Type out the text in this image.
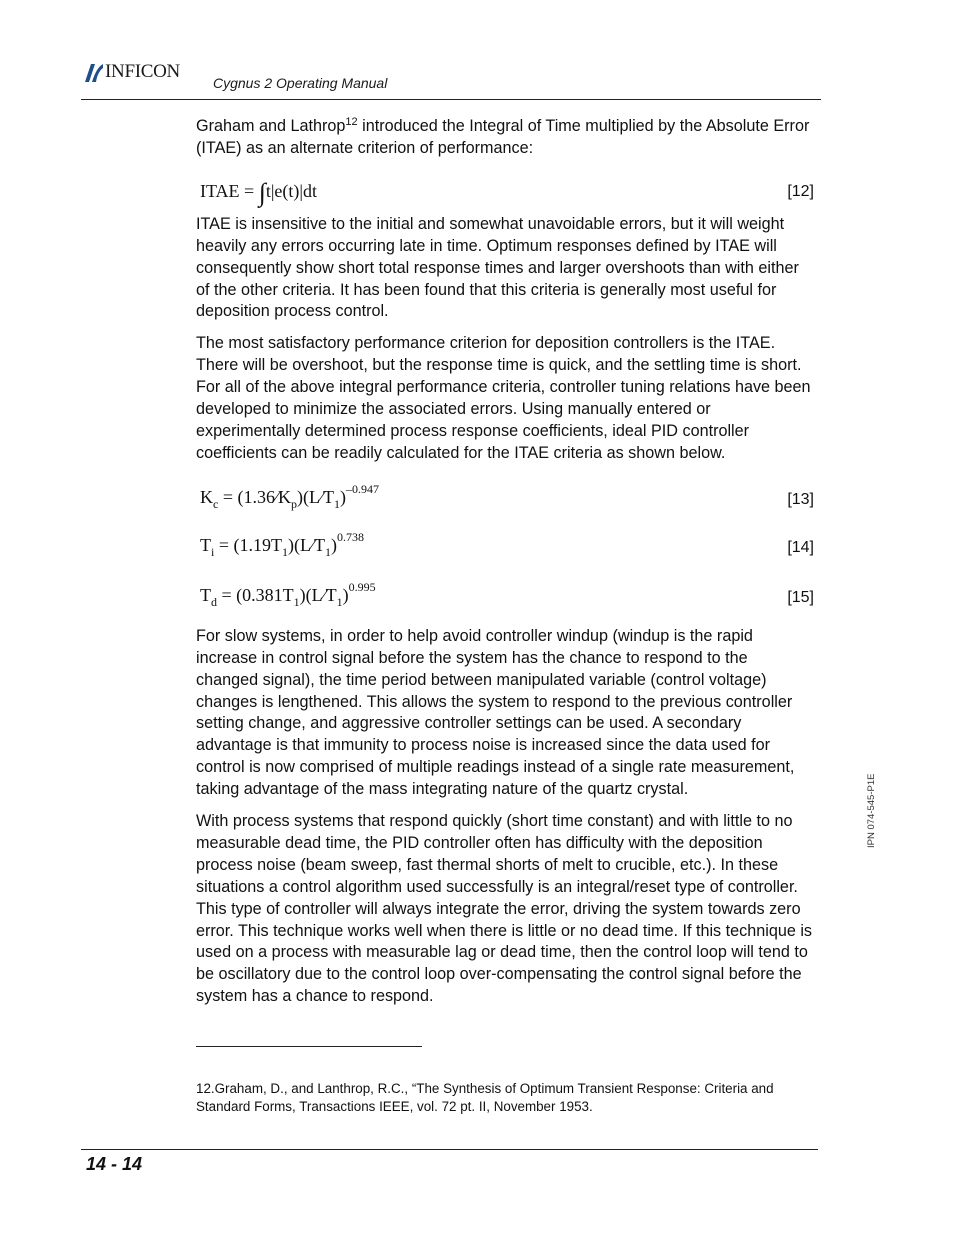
INFICON
Cygnus 2 Operating Manual

Graham and Lathrop$^{12}$ introduced the Integral of Time multiplied by the Absolute Error (ITAE) as an alternate criterion of performance:

ITAE = ∫t|e(t)|dt	[12]

ITAE is insensitive to the initial and somewhat unavoidable errors, but it will weight heavily any errors occurring late in time. Optimum responses defined by ITAE will consequently show short total response times and larger overshoots than with either of the other criteria. It has been found that this criteria is generally most useful for deposition process control.

The most satisfactory performance criterion for deposition controllers is the ITAE. There will be overshoot, but the response time is quick, and the settling time is short. For all of the above integral performance criteria, controller tuning relations have been developed to minimize the associated errors. Using manually entered or experimentally determined process response coefficients, ideal PID controller coefficients can be readily calculated for the ITAE criteria as shown below.

$K_c$ = $(1.36⁄K_p)(L⁄T_1)^{-0.947}$
[13]
$T_i$ = $(1.19T_1)(L⁄T_1)^{0.738}$
[14]
$T_d$ = $(0.381T_1)(L⁄T_1)^{0.995}$
[15]

For slow systems, in order to help avoid controller windup (windup is the rapid increase in control signal before the system has the chance to respond to the changed signal), the time period between manipulated variable (control voltage) changes is lengthened. This allows the system to respond to the previous controller setting change, and aggressive controller settings can be used. A secondary advantage is that immunity to process noise is increased since the data used for control is now comprised of multiple readings instead of a single rate measurement, taking advantage of the mass integrating nature of the quartz crystal.

With process systems that respond quickly (short time constant) and with little to no measurable dead time, the PID controller often has difficulty with the deposition process noise (beam sweep, fast thermal shorts of melt to crucible, etc.). In these situations a control algorithm used successfully is an integral/reset type of controller. This type of controller will always integrate the error, driving the system towards zero error. This technique works well when there is little or no dead time. If this technique is used on a process with measurable lag or dead time, then the control loop will tend to be oscillatory due to the control loop over-compensating the control signal before the system has a chance to respond.

12.Graham, D., and Lanthrop, R.C., “The Synthesis of Optimum Transient Response: Criteria and Standard Forms, Transactions IEEE, vol. 72 pt. II, November 1953.
IPN 074-545-P1E
14 - 14
